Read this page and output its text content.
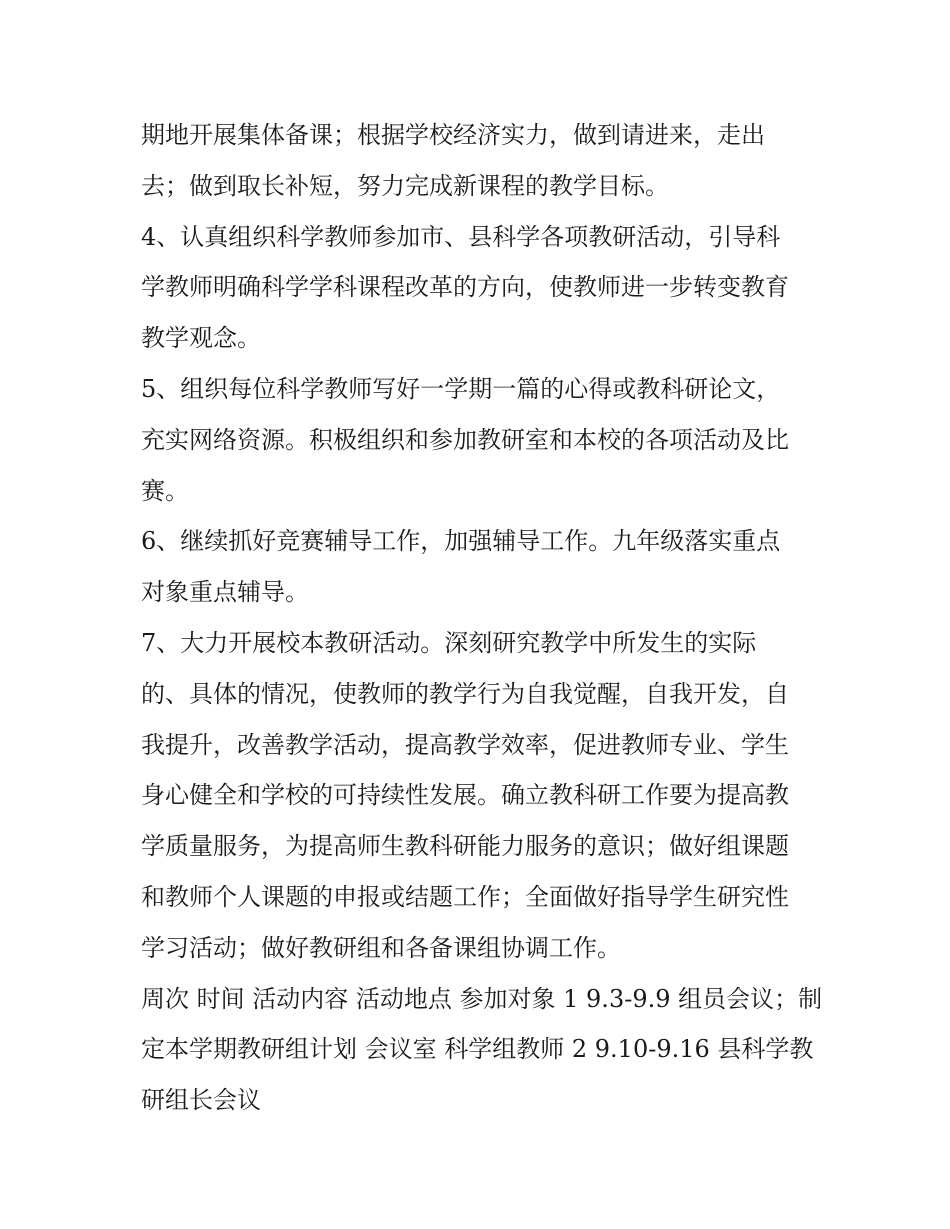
期地开展集体备课；根据学校经济实力，做到请进来，走出
去；做到取长补短，努力完成新课程的教学目标。
4、认真组织科学教师参加市、县科学各项教研活动，引导科
学教师明确科学学科课程改革的方向，使教师进一步转变教育
教学观念。
5、组织每位科学教师写好一学期一篇的心得或教科研论文，
充实网络资源。积极组织和参加教研室和本校的各项活动及比
赛。
6、继续抓好竞赛辅导工作，加强辅导工作。九年级落实重点
对象重点辅导。
7、大力开展校本教研活动。深刻研究教学中所发生的实际
的、具体的情况，使教师的教学行为自我觉醒，自我开发，自
我提升，改善教学活动，提高教学效率，促进教师专业、学生
身心健全和学校的可持续性发展。确立教科研工作要为提高教
学质量服务，为提高师生教科研能力服务的意识；做好组课题
和教师个人课题的申报或结题工作；全面做好指导学生研究性
学习活动；做好教研组和各备课组协调工作。
周次 时间 活动内容 活动地点 参加对象 1 9.3-9.9 组员会议；制
定本学期教研组计划 会议室 科学组教师 2 9.10-9.16 县科学教
研组长会议
